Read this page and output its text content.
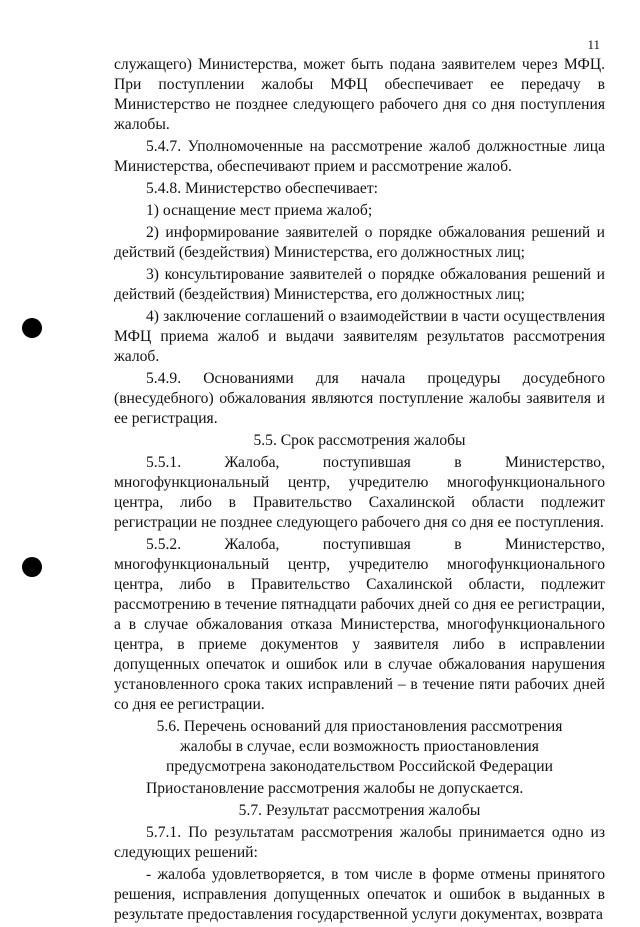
11

служащего) Министерства, может быть подана заявителем через МФЦ. При поступлении жалобы МФЦ обеспечивает ее передачу в Министерство не позднее следующего рабочего дня со дня поступления жалобы.

5.4.7. Уполномоченные на рассмотрение жалоб должностные лица Министерства, обеспечивают прием и рассмотрение жалоб.

5.4.8. Министерство обеспечивает:

1) оснащение мест приема жалоб;

2) информирование заявителей о порядке обжалования решений и действий (бездействия) Министерства, его должностных лиц;

3) консультирование заявителей о порядке обжалования решений и действий (бездействия) Министерства, его должностных лиц;

4) заключение соглашений о взаимодействии в части осуществления МФЦ приема жалоб и выдачи заявителям результатов рассмотрения жалоб.

5.4.9. Основаниями для начала процедуры досудебного (внесудебного) обжалования являются поступление жалобы заявителя и ее регистрация.

5.5. Срок рассмотрения жалобы

5.5.1. Жалоба, поступившая в Министерство, многофункциональный центр, учредителю многофункционального центра, либо в Правительство Сахалинской области подлежит регистрации не позднее следующего рабочего дня со дня ее поступления.

5.5.2. Жалоба, поступившая в Министерство, многофункциональный центр, учредителю многофункционального центра, либо в Правительство Сахалинской области, подлежит рассмотрению в течение пятнадцати рабочих дней со дня ее регистрации, а в случае обжалования отказа Министерства, многофункционального центра, в приеме документов у заявителя либо в исправлении допущенных опечаток и ошибок или в случае обжалования нарушения установленного срока таких исправлений – в течение пяти рабочих дней со дня ее регистрации.

5.6. Перечень оснований для приостановления рассмотрения
жалобы в случае, если возможность приостановления
предусмотрена законодательством Российской Федерации

Приостановление рассмотрения жалобы не допускается.

5.7. Результат рассмотрения жалобы

5.7.1. По результатам рассмотрения жалобы принимается одно из следующих решений:

- жалоба удовлетворяется, в том числе в форме отмены принятого решения, исправления допущенных опечаток и ошибок в выданных в результате предоставления государственной услуги документах, возврата
